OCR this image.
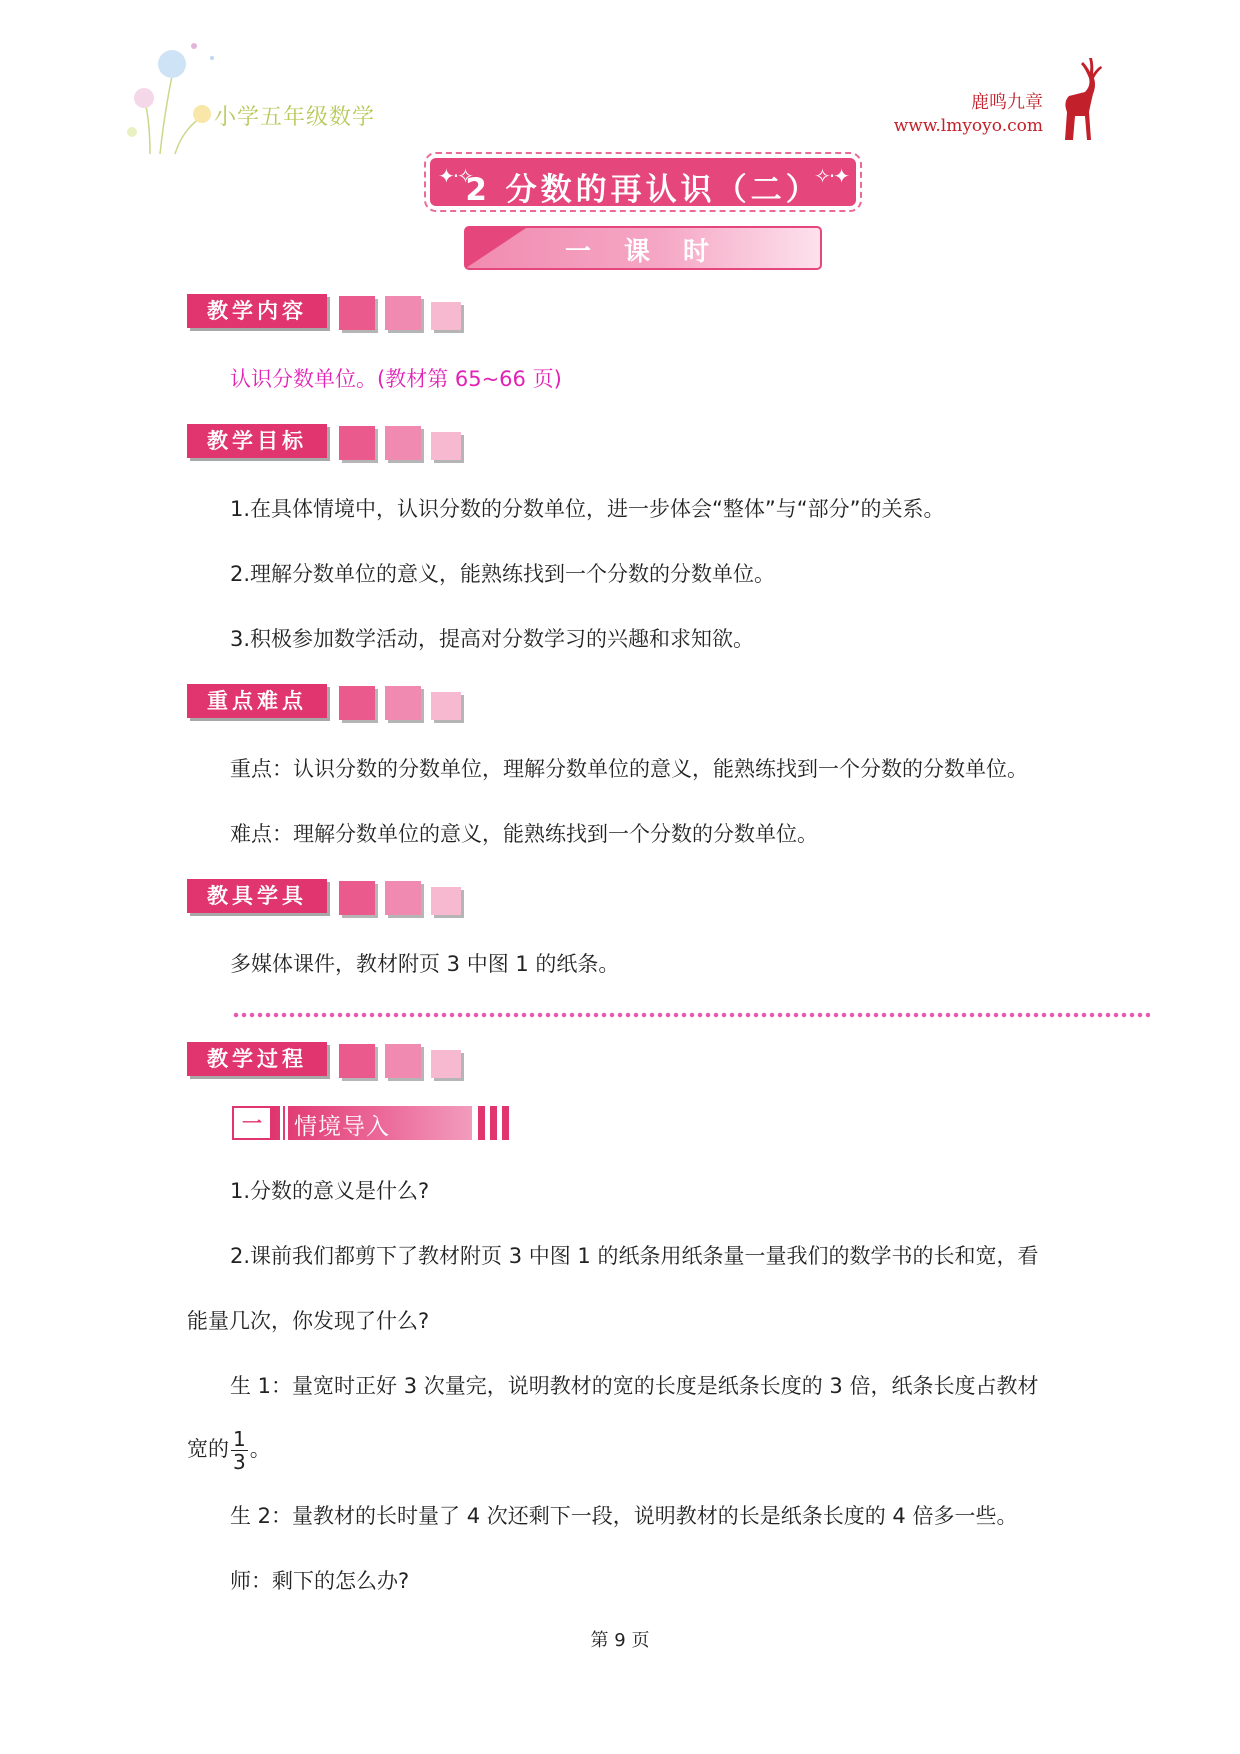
小学五年级数学
鹿鸣九章
www.lmyoyo.com
✦·✧
2 分数的再认识（二）
✧·✦
一 课 时
教学内容
认识分数单位。(教材第 65~66 页)
教学目标
1.在具体情境中，认识分数的分数单位，进一步体会“整体”与“部分”的关系。
2.理解分数单位的意义，能熟练找到一个分数的分数单位。
3.积极参加数学活动，提高对分数学习的兴趣和求知欲。
重点难点
重点：认识分数的分数单位，理解分数单位的意义，能熟练找到一个分数的分数单位。
难点：理解分数单位的意义，能熟练找到一个分数的分数单位。
教具学具
多媒体课件，教材附页 3 中图 1 的纸条。
教学过程
一	情境导入
1.分数的意义是什么?
2.课前我们都剪下了教材附页 3 中图 1 的纸条用纸条量一量我们的数学书的长和宽，看
能量几次，你发现了什么?
生 1：量宽时正好 3 次量完，说明教材的宽的长度是纸条长度的 3 倍，纸条长度占教材
宽的 $\frac{1}{3}$ 。
生 2：量教材的长时量了 4 次还剩下一段，说明教材的长是纸条长度的 4 倍多一些。
师：剩下的怎么办?
第 9 页
